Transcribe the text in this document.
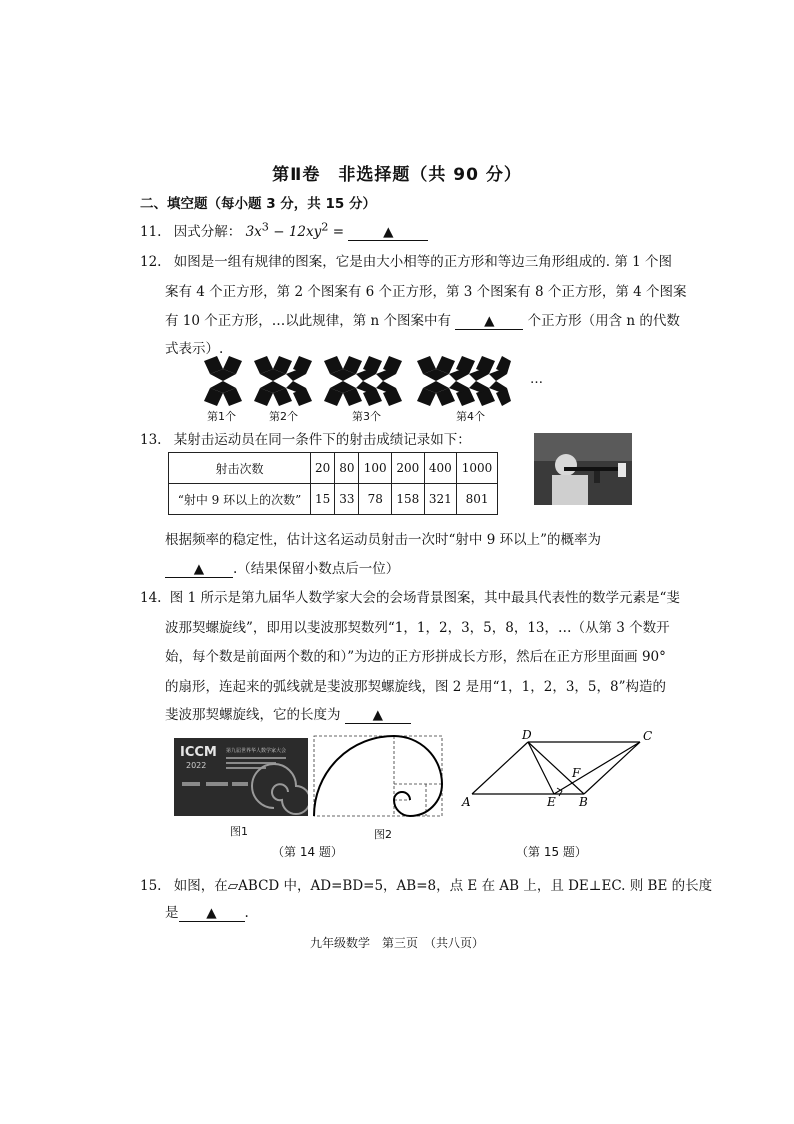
第Ⅱ卷　非选择题（共 90 分）
二、填空题（每小题 3 分，共 15 分）
11. 因式分解： $3x^3 - 12xy^2$ =	▲
12. 如图是一组有规律的图案，它是由大小相等的正方形和等边三角形组成的. 第 1 个图
案有 4 个正方形，第 2 个图案有 6 个正方形，第 3 个图案有 8 个正方形，第 4 个图案
有 10 个正方形，…以此规律，第 n 个图案中有 ▲ 个正方形（用含 n 的代数
式表示）.
…
第1个	第2个	第3个	第4个
13. 某射击运动员在同一条件下的射击成绩记录如下：
射击次数	20	80	100	200	400	1000
“射中 9 环以上的次数”	15	33	78	158	321	801
根据频率的稳定性，估计这名运动员射击一次时“射中 9 环以上”的概率为
▲ .（结果保留小数点后一位）
14. 图 1 所示是第九届华人数学家大会的会场背景图案，其中最具代表性的数学元素是“斐
波那契螺旋线”，即用以斐波那契数列“1，1，2，3，5，8，13，…（从第 3 个数开
始，每个数是前面两个数的和）”为边的正方形拼成长方形，然后在正方形里面画 90°
的扇形，连起来的弧线就是斐波那契螺旋线，图 2 是用“1，1，2，3，5，8”构造的
斐波那契螺旋线，它的长度为 ▲
ICCM
2022
第九届世界华人数学家大会
图1	图2
（第 14 题）
A	B
C
D
E
F
（第 15 题）
15. 如图，在▱ABCD 中，AD=BD=5，AB=8，点 E 在 AB 上，且 DE⊥EC. 则 BE 的长度
是 ▲ .
九年级数学　第三页　（共八页）
